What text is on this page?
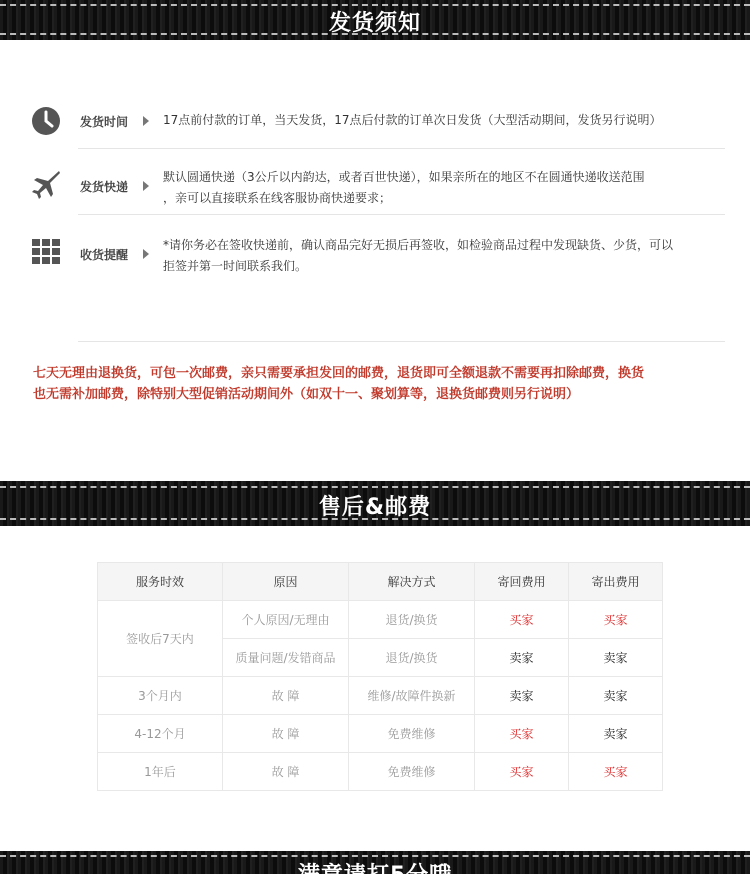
发货须知
发货时间	17点前付款的订单，当天发货，17点后付款的订单次日发货（大型活动期间，发货另行说明）
发货快递
默认圆通快递（3公斤以内韵达，或者百世快递），如果亲所在的地区不在圆通快递收送范围
，亲可以直接联系在线客服协商快递要求；
收货提醒
*请你务必在签收快递前，确认商品完好无损后再签收，如检验商品过程中发现缺货、少货，可以
拒签并第一时间联系我们。
七天无理由退换货，可包一次邮费，亲只需要承担发回的邮费，退货即可全额退款不需要再扣除邮费，换货
也无需补加邮费，除特别大型促销活动期间外（如双十一、聚划算等，退换货邮费则另行说明）
售后&邮费
服务时效	原因	解决方式	寄回费用	寄出费用
签收后7天内	个人原因/无理由	退货/换货	买家	买家
	质量问题/发错商品	退货/换货	卖家	卖家
3个月内	故 障	维修/故障件换新	卖家	卖家
4-12个月	故 障	免费维修	买家	卖家
1年后	故 障	免费维修	买家	买家
满意请打5分哦
